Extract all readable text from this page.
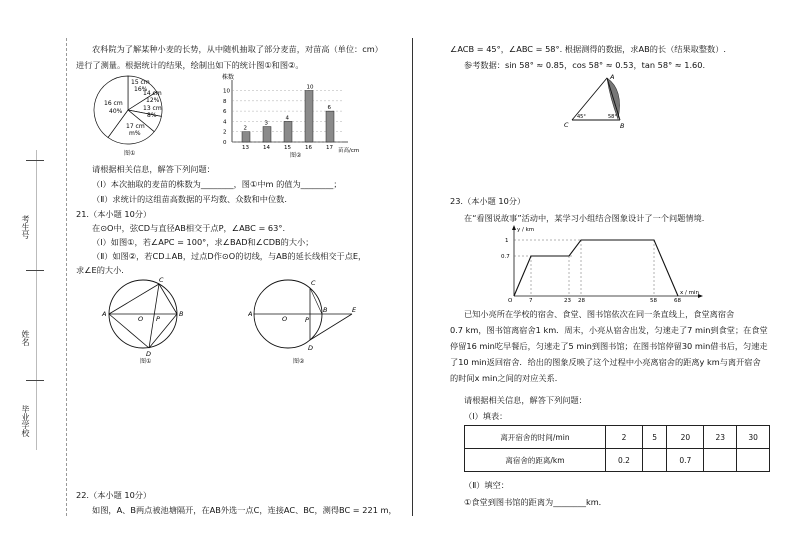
考生号
姓名
毕业学校
农科院为了解某种小麦的长势，从中随机抽取了部分麦苗，对苗高（单位：cm）
进行了测量。根据统计的结果，绘制出如下的统计图①和图②。
16 cm
40%
15 cm
16%
14 cm
12%
13 cm
8%
17 cm
m%
图①
株数
0
2
4
6
8
10
2
13
3
14
4
15
10
16
6
17 苗高/cm
图②
请根据相关信息，解答下列问题：
（Ⅰ）本次抽取的麦苗的株数为________，图①中m 的值为________；
（Ⅱ）求统计的这组苗高数据的平均数、众数和中位数.
21.（本小题 10分）
在⊙O中，弦CD与直径AB相交于点P，∠ABC = 63°.
（Ⅰ）如图①，若∠APC = 100°，求∠BAD和∠CDB的大小；
（Ⅱ）如图②，若CD⊥AB，过点D作⊙O的切线，与AB的延长线相交于点E，
求∠E的大小.
A	B
C
D
O P
图①
A	B
C
D
O	P
E
图②
22.（本小题 10分）
如图，A、B两点被池塘隔开，在AB外选一点C，连接AC、BC，测得BC = 221 m，
∠ACB = 45°，∠ABC = 58°. 根据测得的数据，求AB的长（结果取整数）.
参考数据：sin 58° ≈ 0.85，cos 58° ≈ 0.53，tan 58° ≈ 1.60.
A
C	B
45°	58°
23.（本小题 10分）
在“看图说故事”活动中，某学习小组结合图象设计了一个问题情境.
y / km
x / min
1
0.7
O	7	23 28	58	68
已知小亮所在学校的宿舍、食堂、图书馆依次在同一条直线上，食堂离宿舍
0.7 km，图书馆离宿舍1 km．周末，小亮从宿舍出发，匀速走了7 min到食堂；在食堂
停留16 min吃早餐后，匀速走了5 min到图书馆；在图书馆停留30 min借书后，匀速走
了10 min返回宿舍．给出的图象反映了这个过程中小亮离宿舍的距离y km与离开宿舍
的时间x min之间的对应关系．
请根据相关信息，解答下列问题：
（Ⅰ）填表：
离开宿舍的时间/min	2	5	20	23	30
离宿舍的距离/km	0.2		0.7		
（Ⅱ）填空：
①食堂到图书馆的距离为________km．
